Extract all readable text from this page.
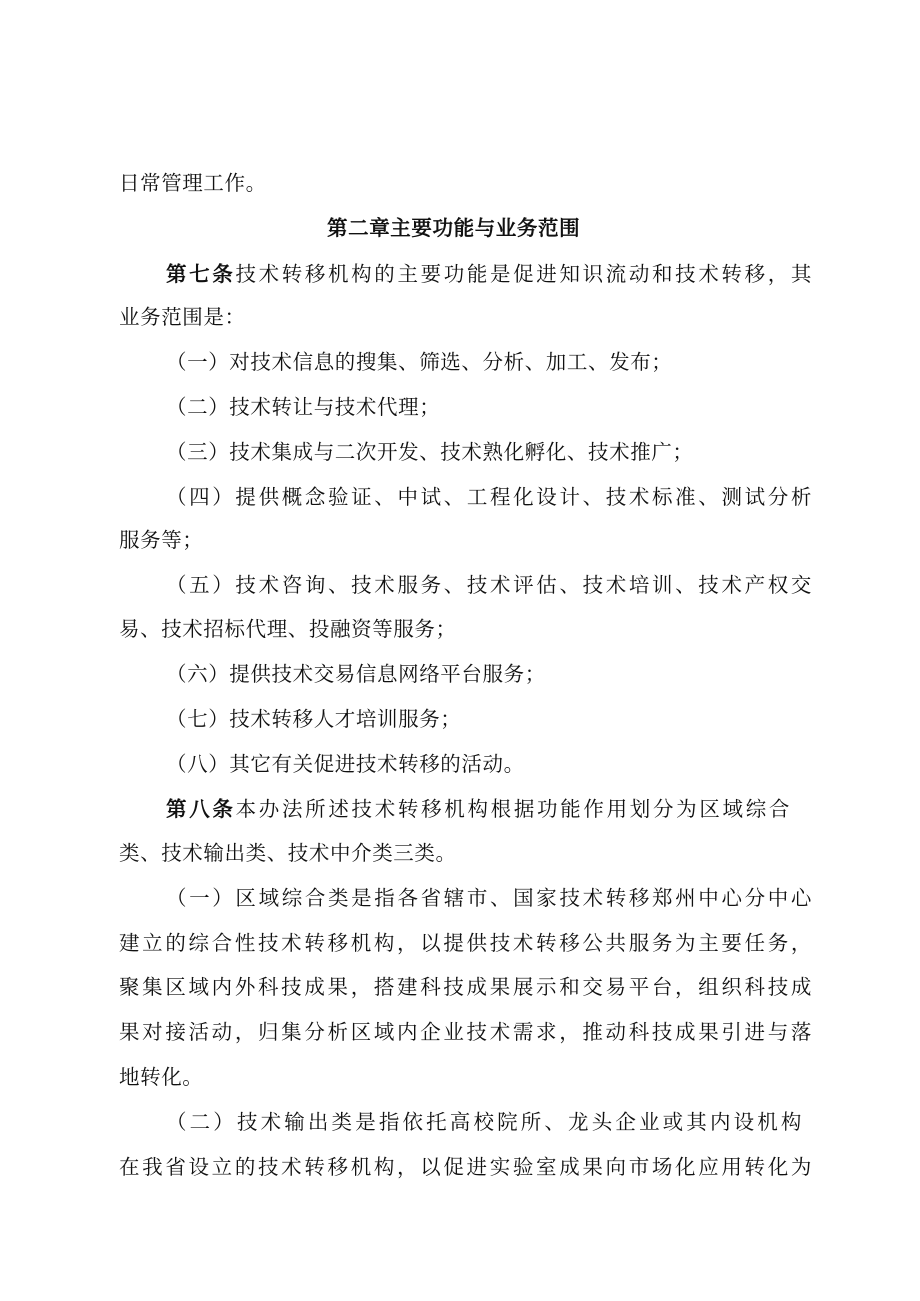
日常管理工作。
第二章主要功能与业务范围
第七条技术转移机构的主要功能是促进知识流动和技术转移，其
业务范围是：
（一）对技术信息的搜集、筛选、分析、加工、发布；
（二）技术转让与技术代理；
（三）技术集成与二次开发、技术熟化孵化、技术推广；
（四）提供概念验证、中试、工程化设计、技术标准、测试分析
服务等；
（五）技术咨询、技术服务、技术评估、技术培训、技术产权交
易、技术招标代理、投融资等服务；
（六）提供技术交易信息网络平台服务；
（七）技术转移人才培训服务；
（八）其它有关促进技术转移的活动。
第八条本办法所述技术转移机构根据功能作用划分为区域综合
类、技术输出类、技术中介类三类。
（一）区域综合类是指各省辖市、国家技术转移郑州中心分中心
建立的综合性技术转移机构，以提供技术转移公共服务为主要任务，
聚集区域内外科技成果，搭建科技成果展示和交易平台，组织科技成
果对接活动，归集分析区域内企业技术需求，推动科技成果引进与落
地转化。
（二）技术输出类是指依托高校院所、龙头企业或其内设机构
在我省设立的技术转移机构，以促进实验室成果向市场化应用转化为
